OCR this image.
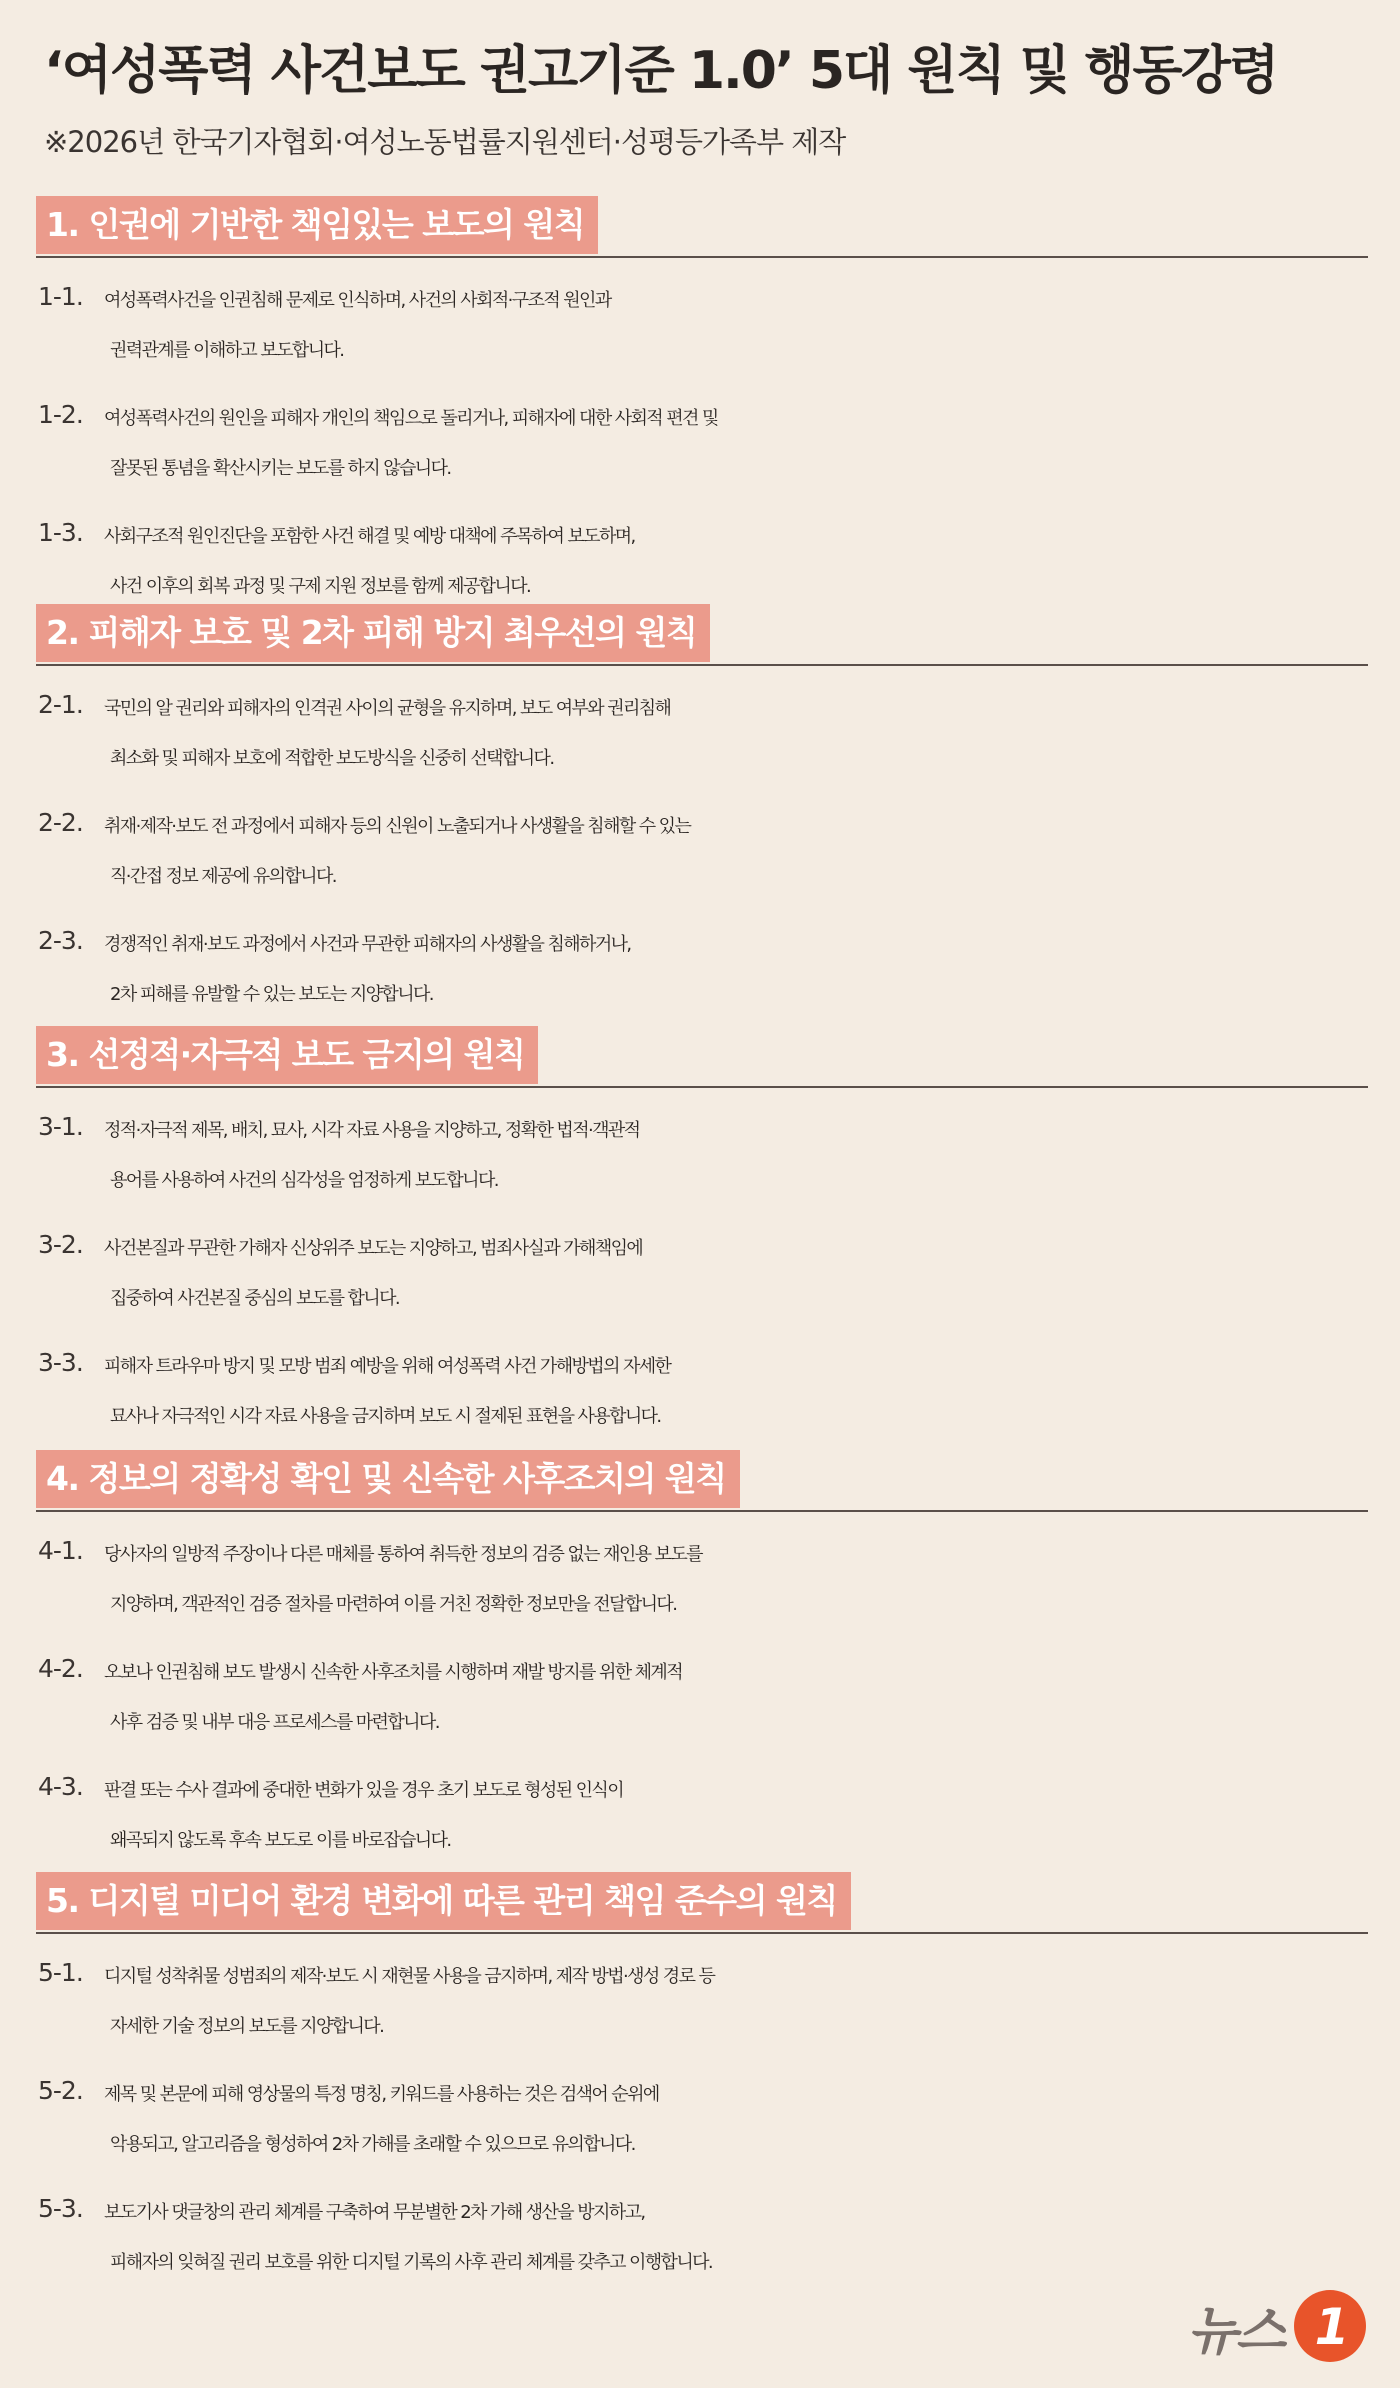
‘여성폭력 사건보도 권고기준 1.0’ 5대 원칙 및 행동강령
※2026년 한국기자협회·여성노동법률지원센터·성평등가족부 제작
1. 인권에 기반한 책임있는 보도의 원칙
1-1. 여성폭력사건을 인권침해 문제로 인식하며, 사건의 사회적·구조적 원인과
권력관계를 이해하고 보도합니다.
1-2. 여성폭력사건의 원인을 피해자 개인의 책임으로 돌리거나, 피해자에 대한 사회적 편견 및
잘못된 통념을 확산시키는 보도를 하지 않습니다.
1-3. 사회구조적 원인진단을 포함한 사건 해결 및 예방 대책에 주목하여 보도하며,
사건 이후의 회복 과정 및 구제 지원 정보를 함께 제공합니다.
2. 피해자 보호 및 2차 피해 방지 최우선의 원칙
2-1. 국민의 알 권리와 피해자의 인격권 사이의 균형을 유지하며, 보도 여부와 권리침해
최소화 및 피해자 보호에 적합한 보도방식을 신중히 선택합니다.
2-2. 취재·제작·보도 전 과정에서 피해자 등의 신원이 노출되거나 사생활을 침해할 수 있는
직·간접 정보 제공에 유의합니다.
2-3. 경쟁적인 취재·보도 과정에서 사건과 무관한 피해자의 사생활을 침해하거나,
2차 피해를 유발할 수 있는 보도는 지양합니다.
3. 선정적·자극적 보도 금지의 원칙
3-1. 정적·자극적 제목, 배치, 묘사, 시각 자료 사용을 지양하고, 정확한 법적·객관적
용어를 사용하여 사건의 심각성을 엄정하게 보도합니다.
3-2. 사건본질과 무관한 가해자 신상위주 보도는 지양하고, 범죄사실과 가해책임에
집중하여 사건본질 중심의 보도를 합니다.
3-3. 피해자 트라우마 방지 및 모방 범죄 예방을 위해 여성폭력 사건 가해방법의 자세한
묘사나 자극적인 시각 자료 사용을 금지하며 보도 시 절제된 표현을 사용합니다.
4. 정보의 정확성 확인 및 신속한 사후조치의 원칙
4-1. 당사자의 일방적 주장이나 다른 매체를 통하여 취득한 정보의 검증 없는 재인용 보도를
지양하며, 객관적인 검증 절차를 마련하여 이를 거친 정확한 정보만을 전달합니다.
4-2. 오보나 인권침해 보도 발생시 신속한 사후조치를 시행하며 재발 방지를 위한 체계적
사후 검증 및 내부 대응 프로세스를 마련합니다.
4-3. 판결 또는 수사 결과에 중대한 변화가 있을 경우 초기 보도로 형성된 인식이
왜곡되지 않도록 후속 보도로 이를 바로잡습니다.
5. 디지털 미디어 환경 변화에 따른 관리 책임 준수의 원칙
5-1. 디지털 성착취물 성범죄의 제작·보도 시 재현물 사용을 금지하며, 제작 방법·생성 경로 등
자세한 기술 정보의 보도를 지양합니다.
5-2. 제목 및 본문에 피해 영상물의 특정 명칭, 키워드를 사용하는 것은 검색어 순위에
악용되고, 알고리즘을 형성하여 2차 가해를 초래할 수 있으므로 유의합니다.
5-3. 보도기사 댓글창의 관리 체계를 구축하여 무분별한 2차 가해 생산을 방지하고,
피해자의 잊혀질 권리 보호를 위한 디지털 기록의 사후 관리 체계를 갖추고 이행합니다.
뉴스 1
